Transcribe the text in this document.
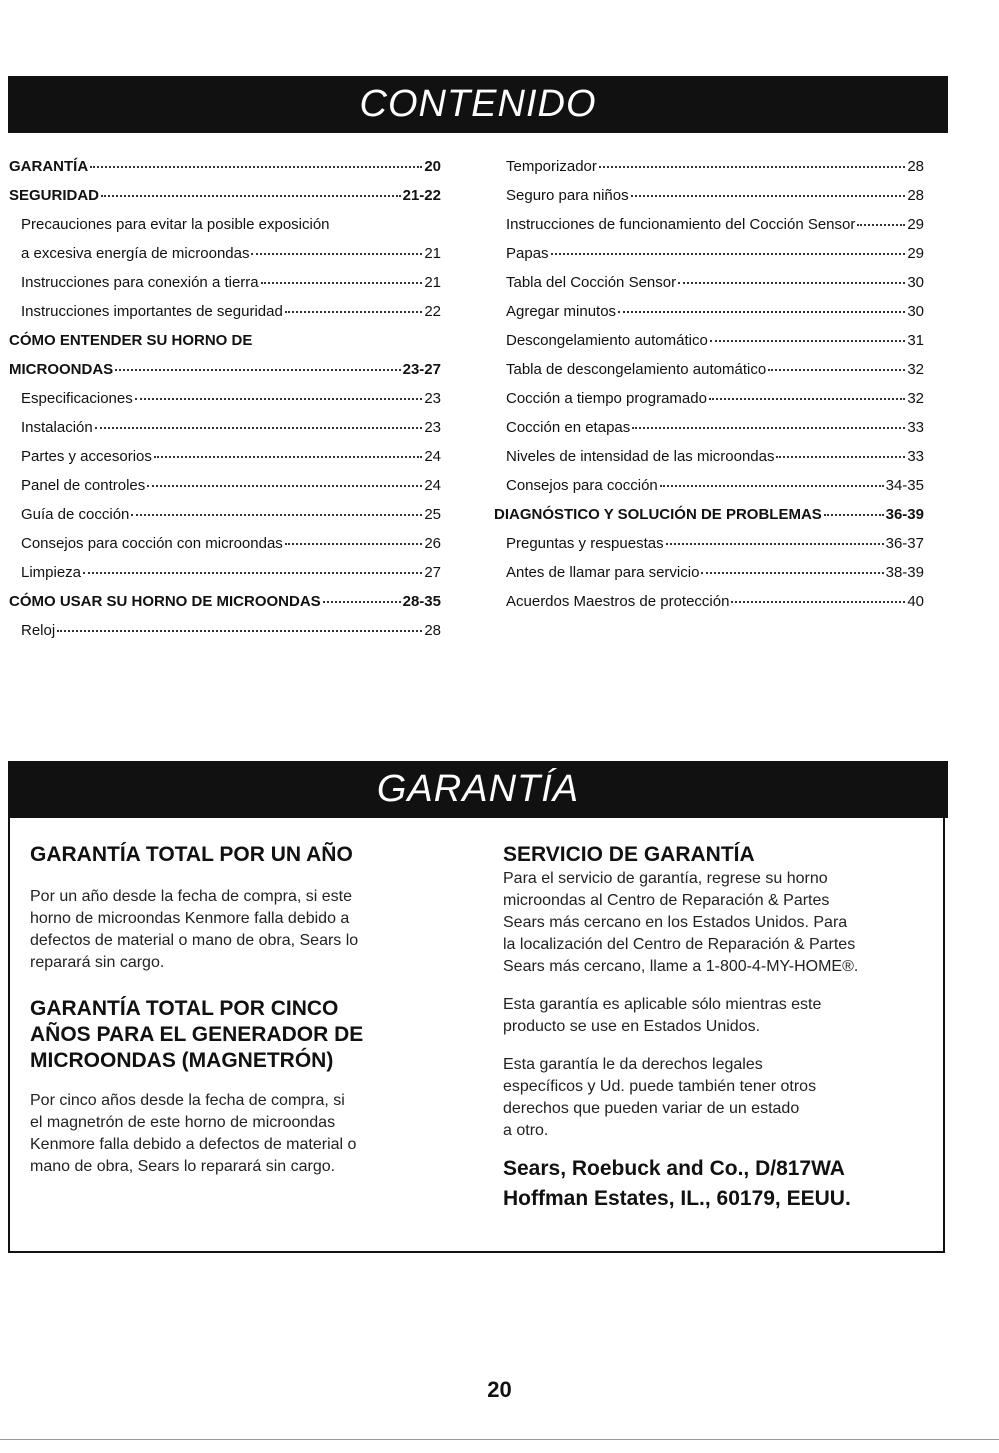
CONTENIDO
GARANTÍA	20
SEGURIDAD	21-22
Precauciones para evitar la posible exposición
a excesiva energía de microondas	21
Instrucciones para conexión a tierra	21
Instrucciones importantes de seguridad	22
CÓMO ENTENDER SU HORNO DE
MICROONDAS	23-27
Especificaciones	23
Instalación	23
Partes y accesorios	24
Panel de controles	24
Guía de cocción	25
Consejos para cocción con microondas	26
Limpieza	27
CÓMO USAR SU HORNO DE MICROONDAS	28-35
Reloj	28
Temporizador	28
Seguro para niños	28
Instrucciones de funcionamiento del Cocción Sensor	29
Papas	29
Tabla del Cocción Sensor	30
Agregar minutos	30
Descongelamiento automático	31
Tabla de descongelamiento automático	32
Cocción a tiempo programado	32
Cocción en etapas	33
Niveles de intensidad de las microondas	33
Consejos para cocción	34-35
DIAGNÓSTICO Y SOLUCIÓN DE PROBLEMAS	36-39
Preguntas y respuestas	36-37
Antes de llamar para servicio	38-39
Acuerdos Maestros de protección	40
GARANTÍA
GARANTÍA TOTAL POR UN AÑO
Por un año desde la fecha de compra, si este
horno de microondas Kenmore falla debido a
defectos de material o mano de obra, Sears lo
reparará sin cargo.
GARANTÍA TOTAL POR CINCO
AÑOS PARA EL GENERADOR DE
MICROONDAS (MAGNETRÓN)
Por cinco años desde la fecha de compra, si
el magnetrón de este horno de microondas
Kenmore falla debido a defectos de material o
mano de obra, Sears lo reparará sin cargo.
SERVICIO DE GARANTÍA
Para el servicio de garantía, regrese su horno
microondas al Centro de Reparación & Partes
Sears más cercano en los Estados Unidos. Para
la localización del Centro de Reparación & Partes
Sears más cercano, llame a 1-800-4-MY-HOME®.
Esta garantía es aplicable sólo mientras este
producto se use en Estados Unidos.
Esta garantía le da derechos legales
específicos y Ud. puede también tener otros
derechos que pueden variar de un estado
a otro.
Sears, Roebuck and Co., D/817WA
Hoffman Estates, IL., 60179, EEUU.
20
